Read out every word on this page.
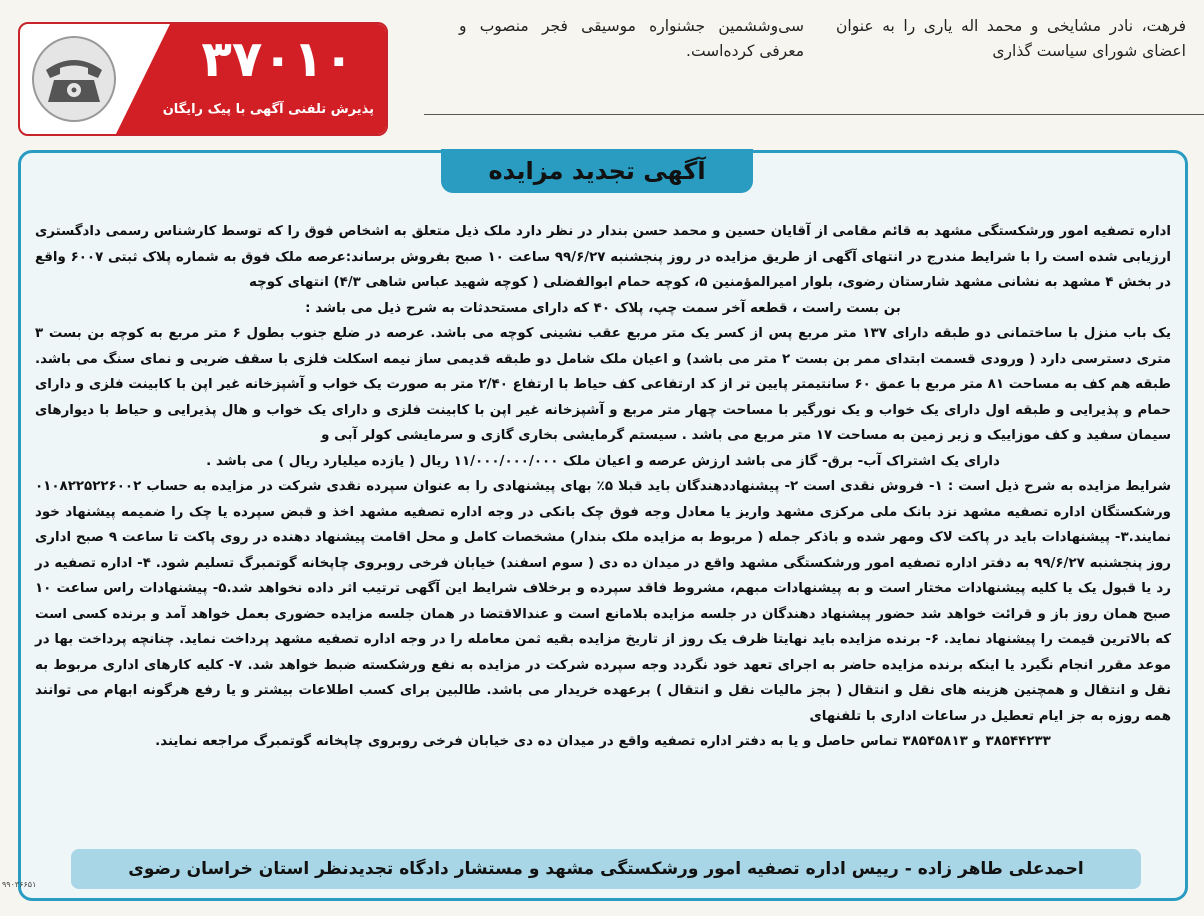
فرهت، نادر مشایخی و محمد اله یاری را به عنوان اعضای شورای سیاست گذاری
سی‌وششمین جشنواره موسیقی فجر منصوب و معرفی کرده‌است.
۳۷۰۱۰
پذیرش تلفنی آگهی با پیک رایگان
آگهی تجدید مزایده

اداره تصفیه امور ورشکستگی مشهد به قائم مقامی از آقایان حسین و محمد حسن بندار در نظر دارد ملک ذیل متعلق به اشخاص فوق را که توسط کارشناس رسمی دادگستری ارزیابی شده است را با شرایط مندرج در انتهای آگهی از طریق مزایده در روز پنجشنبه ۹۹/۶/۲۷ ساعت ۱۰ صبح بفروش برساند:عرصه ملک فوق به شماره پلاک ثبتی ۶۰۰۷ واقع در بخش ۴ مشهد به نشانی مشهد شارستان رضوی، بلوار امیرالمؤمنین ۵، کوچه حمام ابوالفضلی ( کوچه شهید عباس شاهی ۴/۳) انتهای کوچه

بن بست راست ، قطعه آخر سمت چپ، پلاک ۴۰ که دارای مستحدثات به شرح ذیل می باشد :

یک باب منزل با ساختمانی دو طبقه دارای ۱۳۷ متر مربع پس از کسر یک متر مربع عقب نشینی کوچه می باشد. عرصه در ضلع جنوب بطول ۶ متر مربع به کوچه بن بست ۳ متری دسترسی دارد ( ورودی قسمت ابتدای ممر بن بست ۲ متر می باشد) و اعیان ملک شامل دو طبقه قدیمی ساز نیمه اسکلت فلزی با سقف ضربی و نمای سنگ می باشد. طبقه هم کف به مساحت ۸۱ متر مربع با عمق ۶۰ سانتیمتر پایین تر از کد ارتفاعی کف حیاط با ارتفاع ۲/۴۰ متر به صورت یک خواب و آشپزخانه غیر اپن با کابینت فلزی و دارای حمام و پذیرایی و طبقه اول دارای یک خواب و یک نورگیر با مساحت چهار متر مربع و آشپزخانه غیر اپن با کابینت فلزی و دارای یک خواب و هال پذیرایی و حیاط با دیوارهای سیمان سفید و کف موزاییک و زیر زمین به مساحت ۱۷ متر مربع می باشد . سیستم گرمایشی بخاری گازی و سرمایشی کولر آبی و

دارای یک اشتراک آب- برق- گاز می باشد ارزش عرصه و اعیان ملک ۱۱/۰۰۰/۰۰۰/۰۰۰ ریال ( یازده میلیارد ریال ) می باشد .

شرایط مزایده به شرح ذیل است : ۱- فروش نقدی است ۲- پیشنهاددهندگان باید قبلا ۵٪ بهای پیشنهادی را به عنوان سپرده نقدی شرکت در مزایده به حساب ۰۱۰۸۲۲۵۲۲۶۰۰۲ ورشکستگان اداره تصفیه مشهد نزد بانک ملی مرکزی مشهد واریز یا معادل وجه فوق چک بانکی در وجه اداره تصفیه مشهد اخذ و قبض سپرده یا چک را ضمیمه پیشنهاد خود نمایند.۳- پیشنهادات باید در پاکت لاک ومهر شده و باذکر جمله ( مربوط به مزایده ملک بندار) مشخصات کامل و محل اقامت پیشنهاد دهنده در روی پاکت تا ساعت ۹ صبح اداری روز پنجشنبه ۹۹/۶/۲۷ به دفتر اداره تصفیه امور ورشکستگی مشهد واقع در میدان ده دی ( سوم اسفند) خیابان فرخی روبروی چاپخانه گوتمبرگ تسلیم شود. ۴- اداره تصفیه در رد یا قبول یک یا کلیه پیشنهادات مختار است و به پیشنهادات مبهم، مشروط فاقد سپرده و برخلاف شرایط این آگهی ترتیب اثر داده نخواهد شد.۵- پیشنهادات راس ساعت ۱۰ صبح همان روز باز و قرائت خواهد شد حضور پیشنهاد دهندگان در جلسه مزایده بلامانع است و عندالاقتضا در همان جلسه مزایده حضوری بعمل خواهد آمد و برنده کسی است که بالاترین قیمت را پیشنهاد نماید. ۶- برنده مزایده باید نهایتا ظرف یک روز از تاریخ مزایده بقیه ثمن معامله را در وجه اداره تصفیه مشهد پرداخت نماید. چنانچه پرداخت بها در موعد مقرر انجام نگیرد یا اینکه برنده مزایده حاضر به اجرای تعهد خود نگردد وجه سپرده شرکت در مزایده به نفع ورشکسته ضبط خواهد شد. ۷- کلیه کارهای اداری مربوط به نقل و انتقال و همچنین هزینه های نقل و انتقال ( بجز مالیات نقل و انتقال ) برعهده خریدار می باشد. طالبین برای کسب اطلاعات بیشتر و یا رفع هرگونه ابهام می توانند همه روزه به جز ایام تعطیل در ساعات اداری با تلفنهای

۳۸۵۴۴۲۳۳ و ۳۸۵۴۵۸۱۳ تماس حاصل و یا به دفتر اداره تصفیه واقع در میدان ده دی خیابان فرخی روبروی چاپخانه گوتمبرگ مراجعه نمایند.

احمدعلی طاهر زاده - رییس اداره تصفیه امور ورشکستگی مشهد و مستشار دادگاه تجدیدنظر استان خراسان رضوی
۹۹۰۳۶۶۵۱
